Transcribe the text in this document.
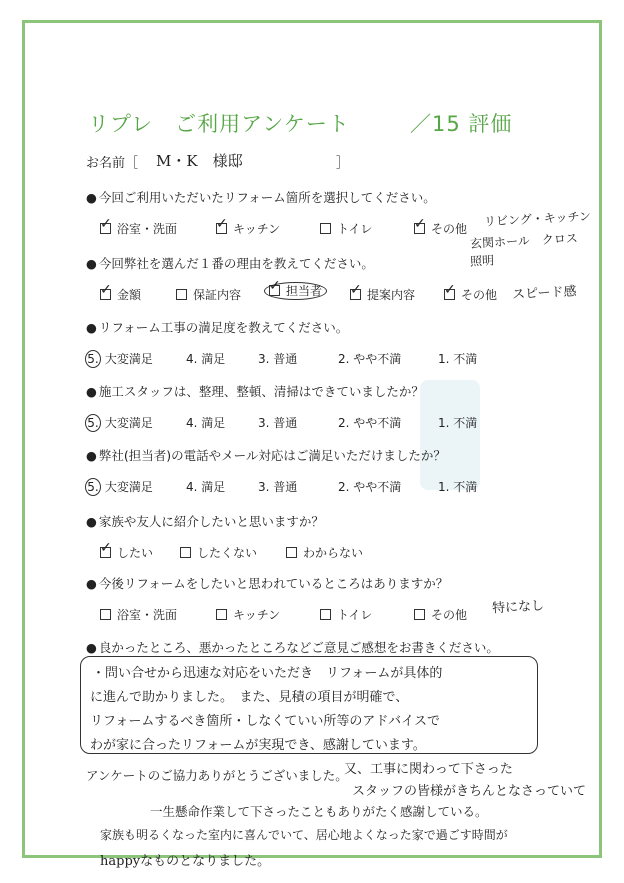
リプレ　ご利用アンケート	／15 評価
お名前［ M・K　様邸	］
● 今回ご利用いただいたリフォーム箇所を選択してください。
✓浴室・洗面 ✓	キッチン	トイレ ✓	その他
リビング・キッチン
玄関ホール　クロス
照明
● 今回弊社を選んだ１番の理由を教えてください。
✓金額	保証内容 ✓	担当者 ✓	提案内容 ✓	その他 スピード感
● リフォーム工事の満足度を教えてください。
5. 大変満足	4. 満足	3. 普通	2. やや不満	1. 不満
● 施工スタッフは、整理、整頓、清掃はできていましたか？
5. 大変満足	4. 満足	3. 普通	2. やや不満	1. 不満
● 弊社(担当者)の電話やメール対応はご満足いただけましたか？
5. 大変満足	4. 満足	3. 普通	2. やや不満	1. 不満
● 家族や友人に紹介したいと思いますか？
✓したい	したくない	わからない
● 今後リフォームをしたいと思われているところはありますか？
浴室・洗面	キッチン	トイレ	その他 特になし
● 良かったところ、悪かったところなどご意見ご感想をお書きください。
・問い合せから迅速な対応をいただき　リフォームが具体的
に進んで助かりました。　また、見積の項目が明確で、
リフォームするべき箇所・しなくていい所等のアドバイスで
わが家に合ったリフォームが実現でき、感謝しています。
アンケートのご協力ありがとうございました。
又、工事に関わって下さった
スタッフの皆様がきちんとなさっていて
一生懸命作業して下さったこともありがたく感謝している。
家族も明るくなった室内に喜んでいて、居心地よくなった家で過ごす時間が
happyなものとなりました。
